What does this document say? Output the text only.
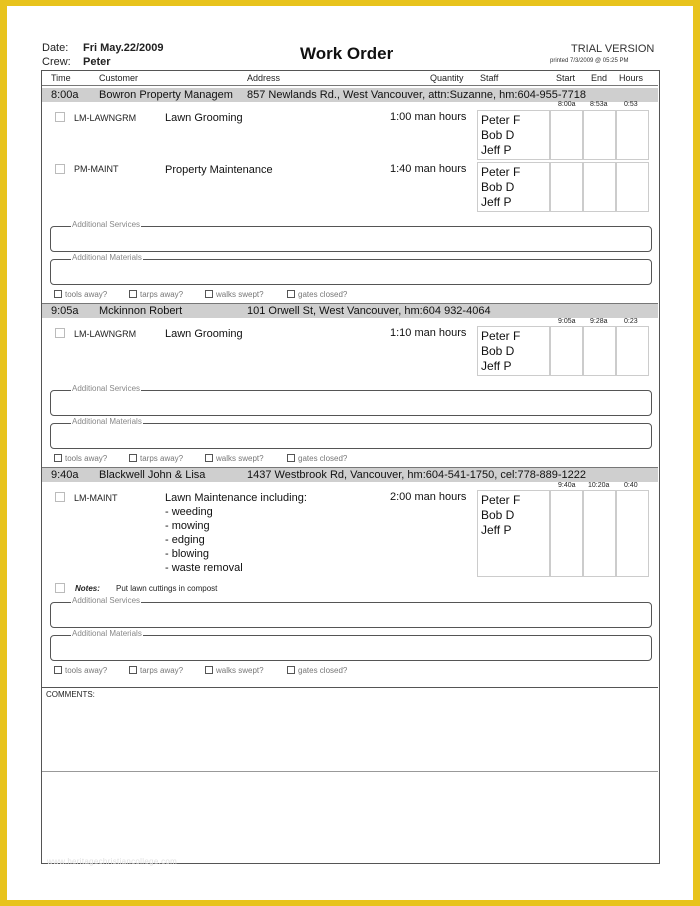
Date: Fri May.22/2009
Crew: Peter	Work Order	TRIAL VERSION
printed 7/3/2009 @ 05:25 PM
Time	Customer	Address	Quantity Staff	Start End Hours
8:00a Bowron Property Managem 857 Newlands Rd., West Vancouver, attn:Suzanne, hm:604-955-7718
8:00a 8:53a 0:53
LM-LAWNGRM	Lawn Grooming	1:00 man hours Peter F
Bob D
Jeff P
PM-MAINT	Property Maintenance	1:40 man hours Peter F
Bob D
Jeff P
Additional Services
Additional Materials
tools away?	tarps away?	walks swept?	gates closed?
9:05a Mckinnon Robert	101 Orwell St, West Vancouver, hm:604 932-4064
9:05a 9:28a 0:23
LM-LAWNGRM	Lawn Grooming	1:10 man hours Peter F
Bob D
Jeff P
Additional Services
Additional Materials
tools away?	tarps away?	walks swept?	gates closed?
9:40a Blackwell John & Lisa	1437 Westbrook Rd, Vancouver, hm:604-541-1750, cel:778-889-1222
9:40a 10:20a 0:40
LM-MAINT	Lawn Maintenance including:
- weeding
- mowing
- edging
- blowing
- waste removal
2:00 man hours Peter F
Bob D
Jeff P
Notes: Put lawn cuttings in compost
Additional Services
Additional Materials
tools away?	tarps away?	walks swept?	gates closed?
COMMENTS:
www.heritagechristiancollege.com
